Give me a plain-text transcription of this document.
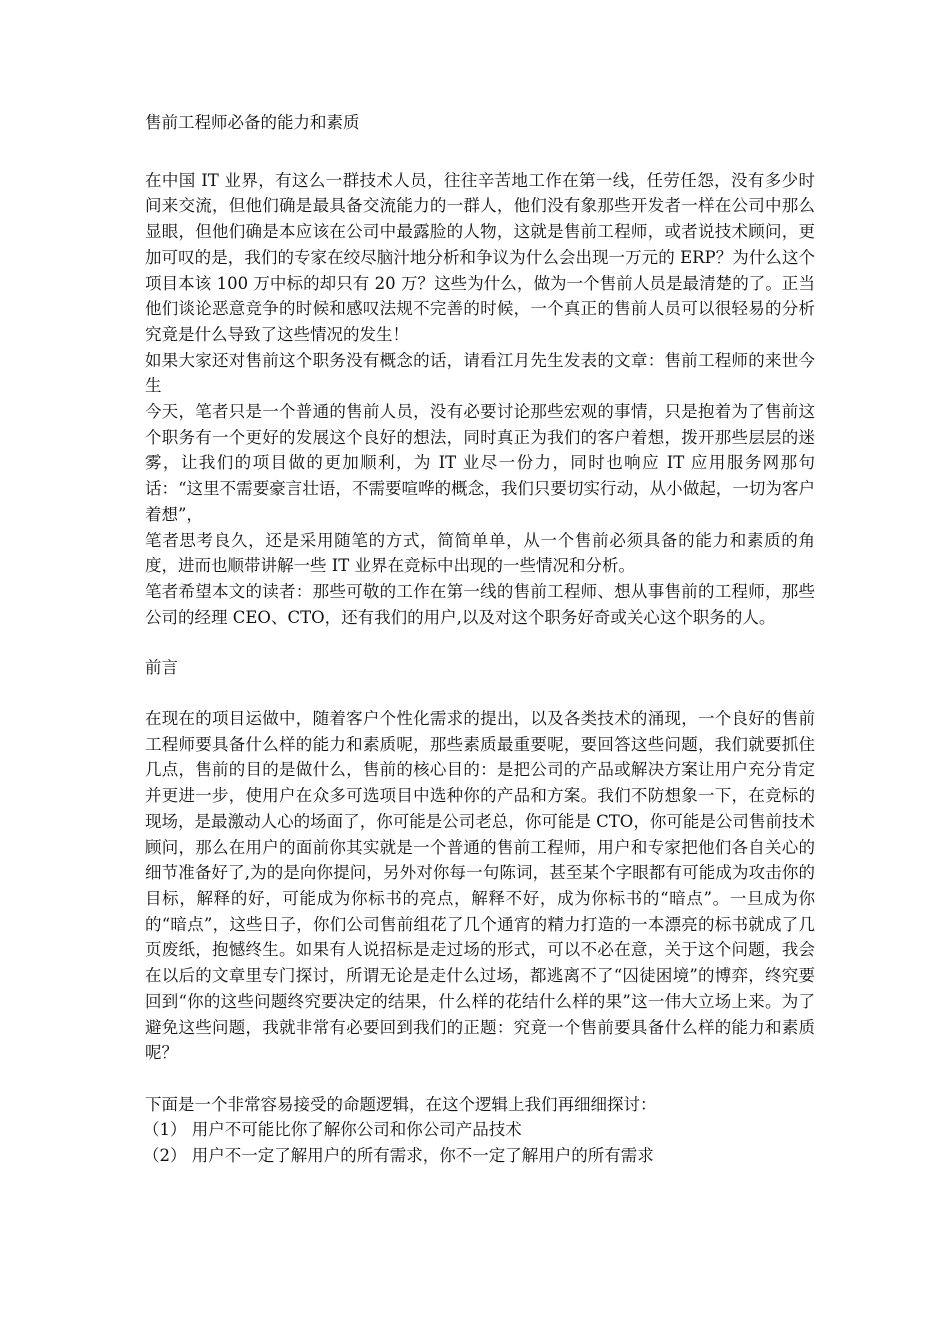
售前工程师必备的能力和素质

在中国 IT 业界，有这么一群技术人员，往往辛苦地工作在第一线，任劳任怨，没有多少时间来交流，但他们确是最具备交流能力的一群人，他们没有象那些开发者一样在公司中那么显眼，但他们确是本应该在公司中最露脸的人物，这就是售前工程师，或者说技术顾问，更加可叹的是，我们的专家在绞尽脑汁地分析和争议为什么会出现一万元的 ERP？为什么这个项目本该 100 万中标的却只有 20 万？这些为什么，做为一个售前人员是最清楚的了。正当他们谈论恶意竞争的时候和感叹法规不完善的时候，一个真正的售前人员可以很轻易的分析究竟是什么导致了这些情况的发生！

如果大家还对售前这个职务没有概念的话，请看江月先生发表的文章：售前工程师的来世今生

今天，笔者只是一个普通的售前人员，没有必要讨论那些宏观的事情，只是抱着为了售前这个职务有一个更好的发展这个良好的想法，同时真正为我们的客户着想，拨开那些层层的迷雾，让我们的项目做的更加顺利，为 IT 业尽一份力，同时也响应 IT 应用服务网那句话：“这里不需要豪言壮语，不需要喧哗的概念，我们只要切实行动，从小做起，一切为客户着想”，

笔者思考良久，还是采用随笔的方式，简简单单，从一个售前必须具备的能力和素质的角度，进而也顺带讲解一些 IT 业界在竞标中出现的一些情况和分析。

笔者希望本文的读者：那些可敬的工作在第一线的售前工程师、想从事售前的工程师，那些公司的经理 CEO、CTO，还有我们的用户,以及对这个职务好奇或关心这个职务的人。

前言

在现在的项目运做中，随着客户个性化需求的提出，以及各类技术的涌现，一个良好的售前工程师要具备什么样的能力和素质呢，那些素质最重要呢，要回答这些问题，我们就要抓住几点，售前的目的是做什么，售前的核心目的：是把公司的产品或解决方案让用户充分肯定并更进一步，使用户在众多可选项目中选种你的产品和方案。我们不防想象一下，在竞标的现场，是最激动人心的场面了，你可能是公司老总，你可能是 CTO，你可能是公司售前技术顾问，那么在用户的面前你其实就是一个普通的售前工程师，用户和专家把他们各自关心的细节准备好了,为的是向你提问，另外对你每一句陈词，甚至某个字眼都有可能成为攻击你的目标，解释的好，可能成为你标书的亮点，解释不好，成为你标书的“暗点”。一旦成为你的“暗点”，这些日子，你们公司售前组花了几个通宵的精力打造的一本漂亮的标书就成了几页废纸，抱憾终生。如果有人说招标是走过场的形式，可以不必在意，关于这个问题，我会在以后的文章里专门探讨，所谓无论是走什么过场，都逃离不了“囚徒困境”的博弈，终究要回到“你的这些问题终究要决定的结果，什么样的花结什么样的果”这一伟大立场上来。为了避免这些问题，我就非常有必要回到我们的正题：究竟一个售前要具备什么样的能力和素质呢？

下面是一个非常容易接受的命题逻辑，在这个逻辑上我们再细细探讨：

（1） 用户不可能比你了解你公司和你公司产品技术

（2） 用户不一定了解用户的所有需求，你不一定了解用户的所有需求
